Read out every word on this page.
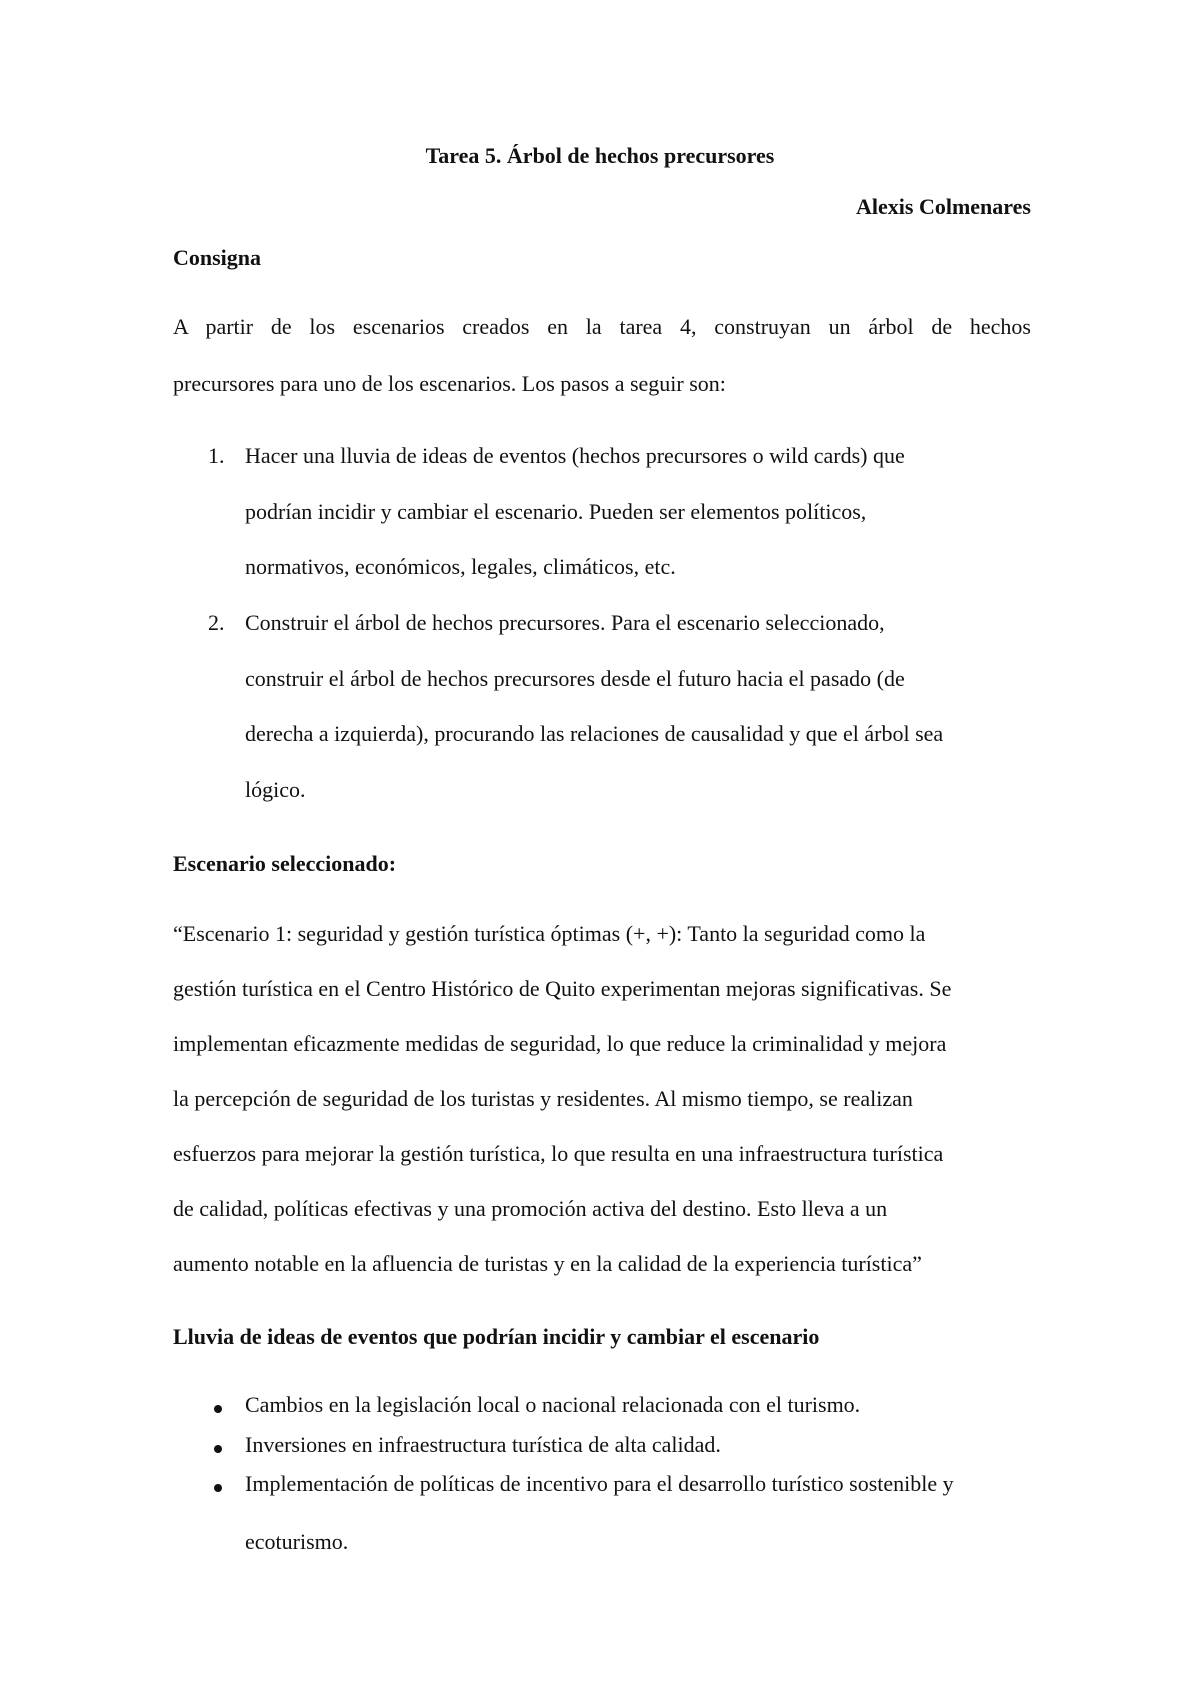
Tarea 5. Árbol de hechos precursores

Alexis Colmenares

Consigna

A partir de los escenarios creados en la tarea 4, construyan un árbol de hechos

precursores para uno de los escenarios. Los pasos a seguir son:

1. Hacer una lluvia de ideas de eventos (hechos precursores o wild cards) que

podrían incidir y cambiar el escenario. Pueden ser elementos políticos,

normativos, económicos, legales, climáticos, etc.

2. Construir el árbol de hechos precursores. Para el escenario seleccionado,

construir el árbol de hechos precursores desde el futuro hacia el pasado (de

derecha a izquierda), procurando las relaciones de causalidad y que el árbol sea

lógico.

Escenario seleccionado:

“Escenario 1: seguridad y gestión turística óptimas (+, +): Tanto la seguridad como la

gestión turística en el Centro Histórico de Quito experimentan mejoras significativas. Se

implementan eficazmente medidas de seguridad, lo que reduce la criminalidad y mejora

la percepción de seguridad de los turistas y residentes. Al mismo tiempo, se realizan

esfuerzos para mejorar la gestión turística, lo que resulta en una infraestructura turística

de calidad, políticas efectivas y una promoción activa del destino. Esto lleva a un

aumento notable en la afluencia de turistas y en la calidad de la experiencia turística”

Lluvia de ideas de eventos que podrían incidir y cambiar el escenario

Cambios en la legislación local o nacional relacionada con el turismo.

Inversiones en infraestructura turística de alta calidad.

Implementación de políticas de incentivo para el desarrollo turístico sostenible y

ecoturismo.
